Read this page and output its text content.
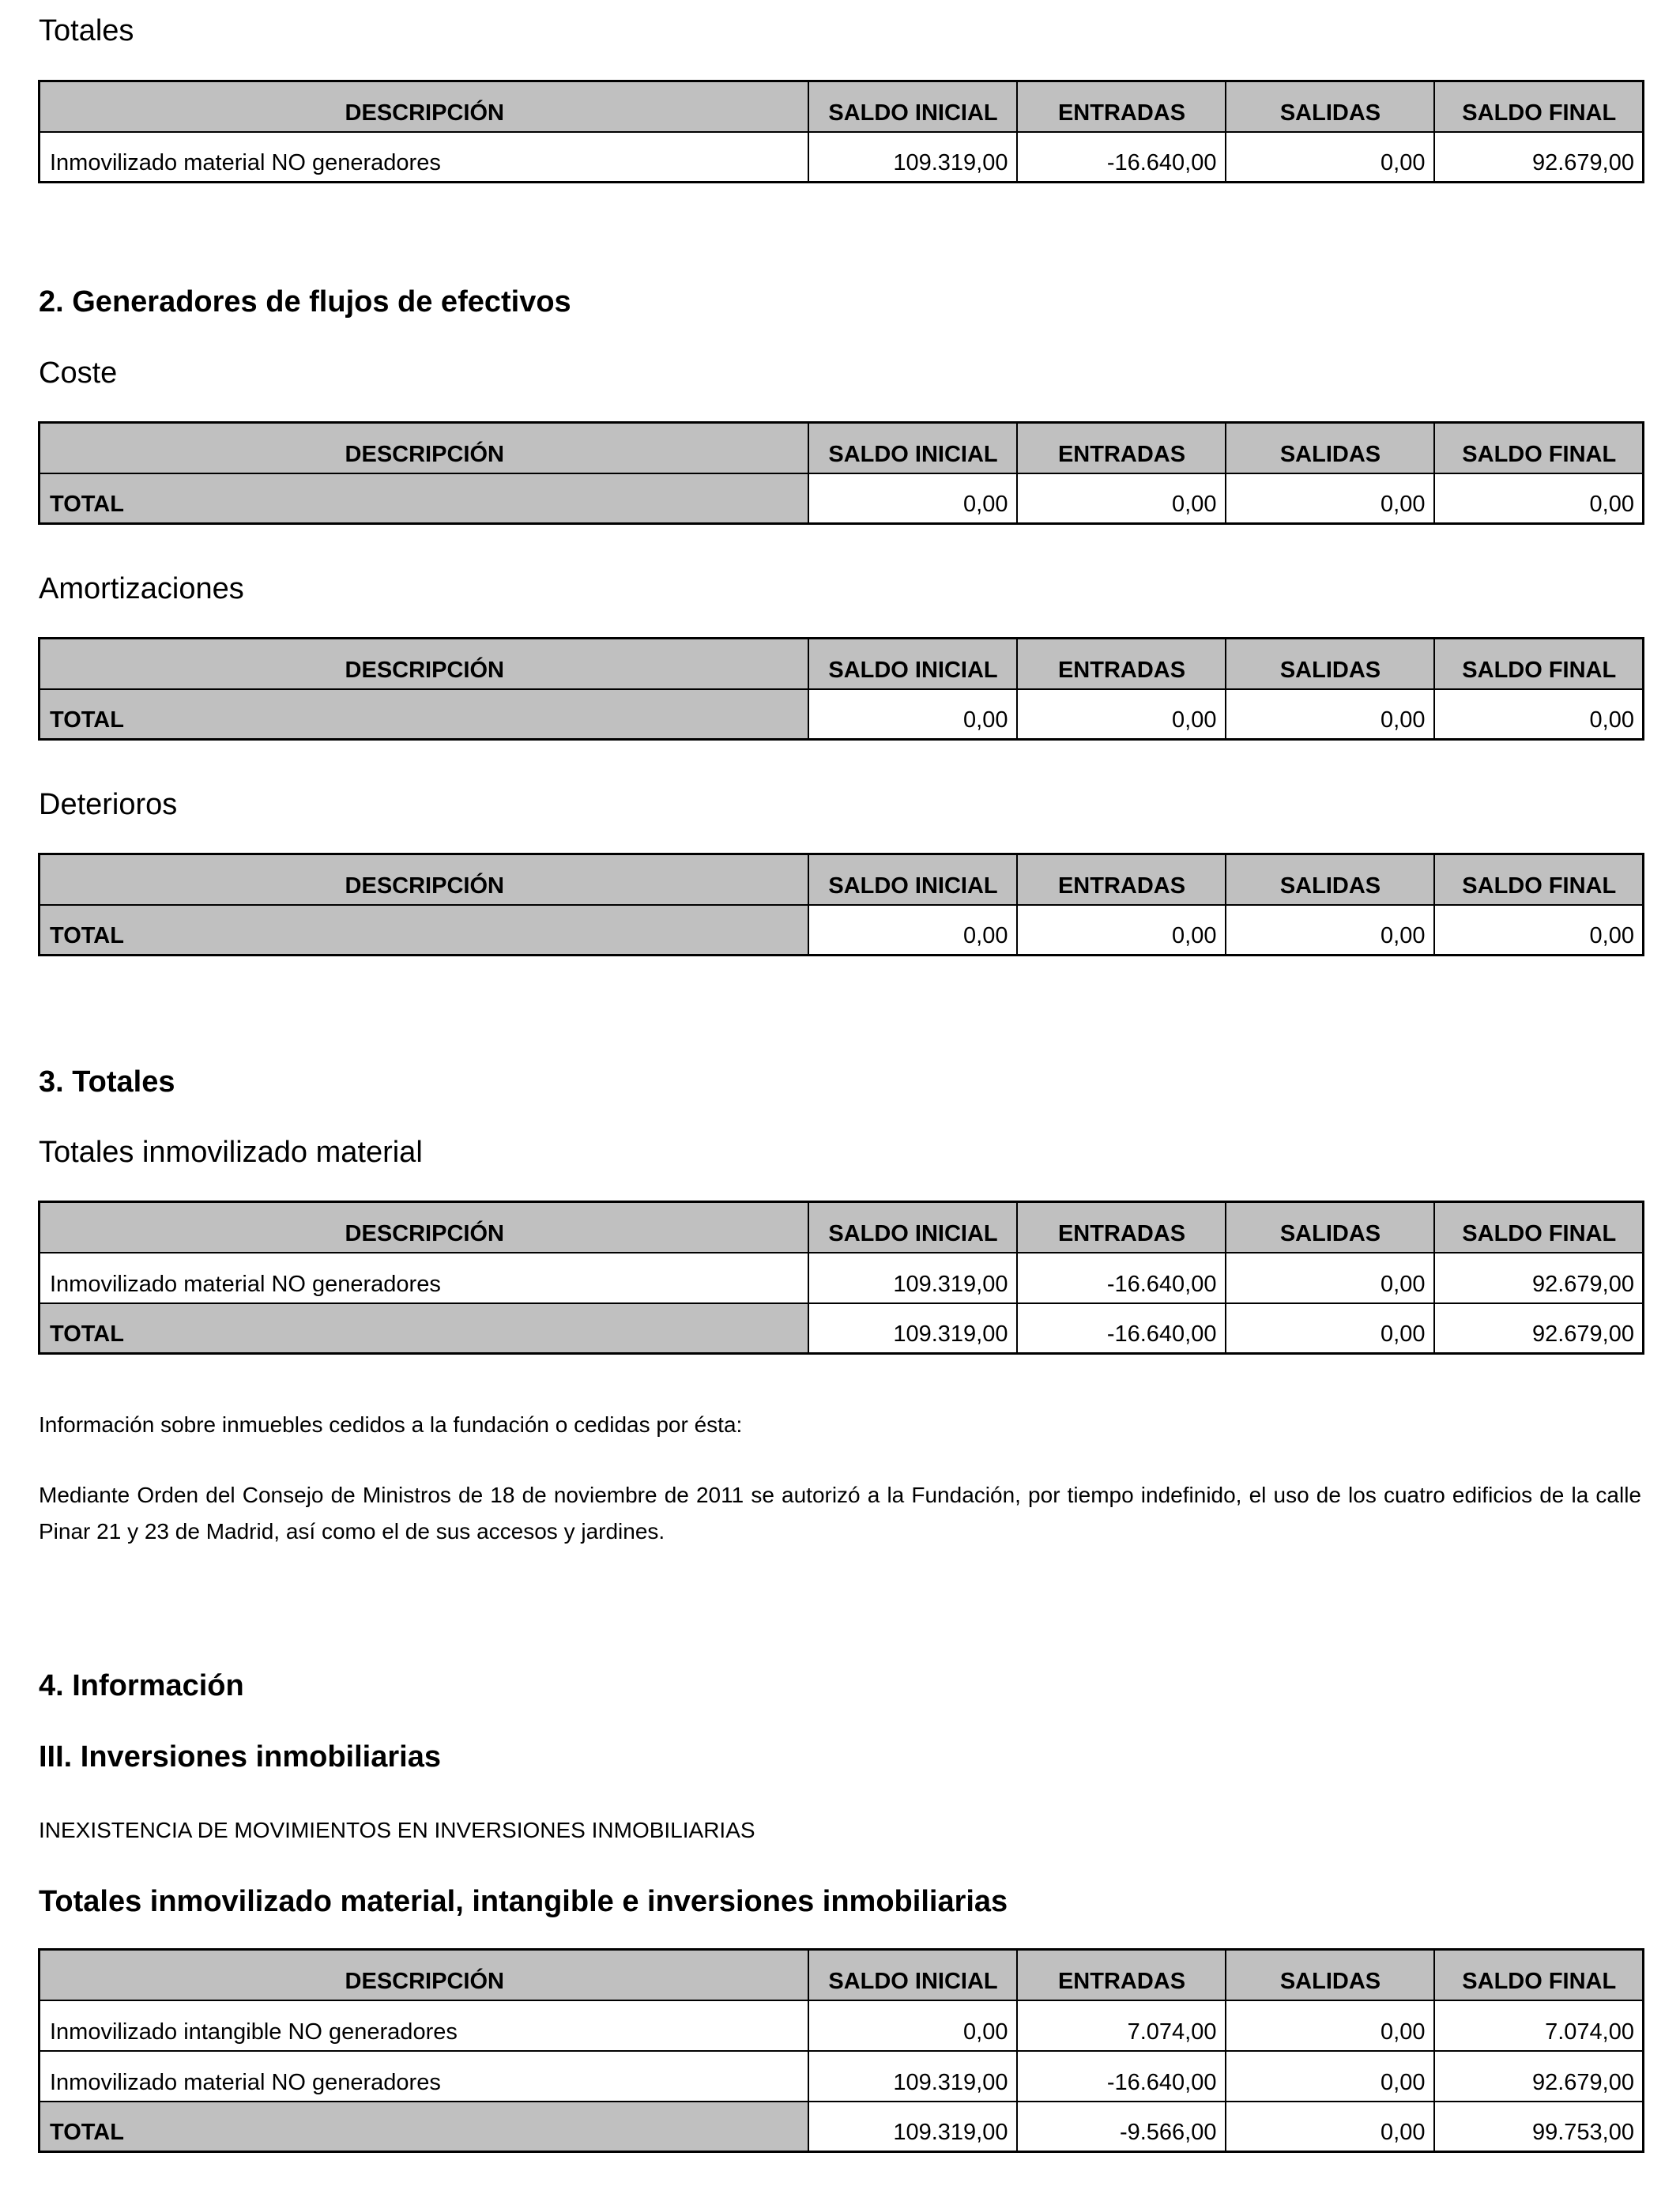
Totales
DESCRIPCIÓN	SALDO INICIAL	ENTRADAS	SALIDAS	SALDO FINAL
Inmovilizado material NO generadores	109.319,00	-16.640,00	0,00	92.679,00
2. Generadores de flujos de efectivos
Coste
DESCRIPCIÓN	SALDO INICIAL	ENTRADAS	SALIDAS	SALDO FINAL
TOTAL	0,00	0,00	0,00	0,00
Amortizaciones
DESCRIPCIÓN	SALDO INICIAL	ENTRADAS	SALIDAS	SALDO FINAL
TOTAL	0,00	0,00	0,00	0,00
Deterioros
DESCRIPCIÓN	SALDO INICIAL	ENTRADAS	SALIDAS	SALDO FINAL
TOTAL	0,00	0,00	0,00	0,00
3. Totales
Totales inmovilizado material
DESCRIPCIÓN	SALDO INICIAL	ENTRADAS	SALIDAS	SALDO FINAL
Inmovilizado material NO generadores	109.319,00	-16.640,00	0,00	92.679,00
TOTAL	109.319,00	-16.640,00	0,00	92.679,00
Información sobre inmuebles cedidos a la fundación o cedidas por ésta:

Mediante Orden del Consejo de Ministros de 18 de noviembre de 2011 se autorizó a la Fundación, por tiempo indefinido, el uso de los cuatro edificios de la calle Pinar 21 y 23 de Madrid, así como el de sus accesos y jardines.

4. Información
III. Inversiones inmobiliarias
INEXISTENCIA DE MOVIMIENTOS EN INVERSIONES INMOBILIARIAS
Totales inmovilizado material, intangible e inversiones inmobiliarias
DESCRIPCIÓN	SALDO INICIAL	ENTRADAS	SALIDAS	SALDO FINAL
Inmovilizado intangible NO generadores	0,00	7.074,00	0,00	7.074,00
Inmovilizado material NO generadores	109.319,00	-16.640,00	0,00	92.679,00
TOTAL	109.319,00	-9.566,00	0,00	99.753,00
